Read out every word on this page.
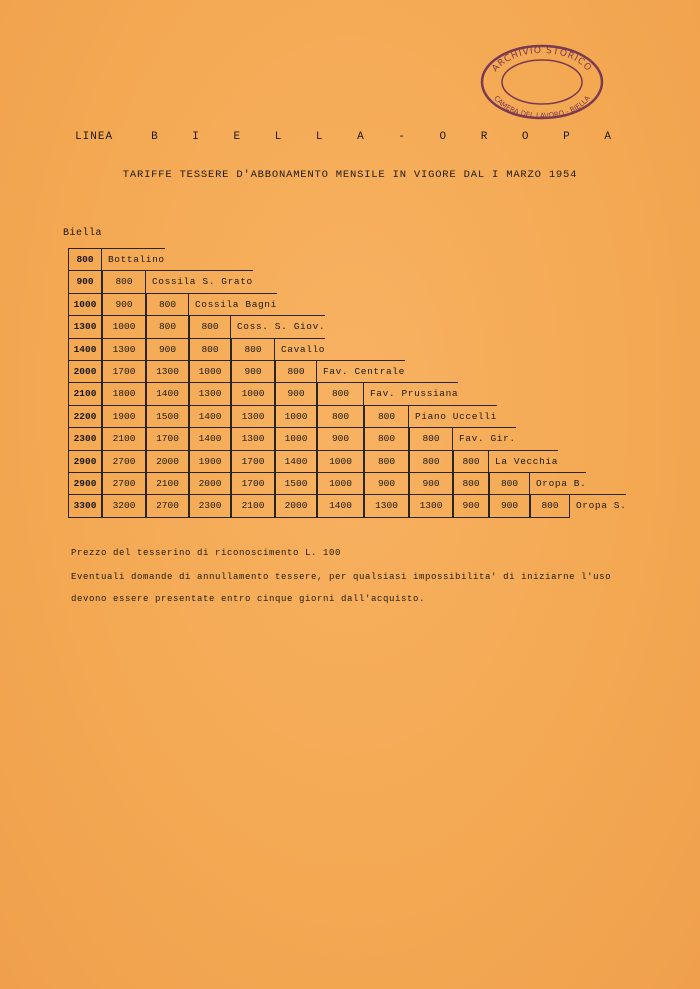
ARCHIVIO STORICO
CAMERA DEL LAVORO - BIELLA
LINEA	B I E L L A - O R O P A
TARIFFE TESSERE D'ABBONAMENTO MENSILE IN VIGORE DAL I MARZO 1954
Biella
800	Bottalino
900	800	Cossila S. Grato
1000	900	800	Cossila Bagni
1300	1000	800	800	Coss. S. Giov.
1400	1300	900	800	800	Cavallo
2000	1700	1300	1000	900	800	Fav. Centrale
2100	1800	1400	1300	1000	900	800	Fav. Prussiana
2200	1900	1500	1400	1300	1000	800	800	Piano Uccelli
2300	2100	1700	1400	1300	1000	900	800	800	Fav. Gir.
2900	2700	2000	1900	1700	1400	1000	800	800	800	La Vecchia
2900	2700	2100	2000	1700	1500	1000	900	900	800	800	Oropa B.
3300	3200	2700	2300	2100	2000	1400	1300	1300	900	900	800	Oropa S.
Prezzo del tesserino di riconoscimento L. 100
Eventuali domande di annullamento tessere, per qualsiasi impossibilita' di iniziarne l'uso
devono essere presentate entro cinque giorni dall'acquisto.
